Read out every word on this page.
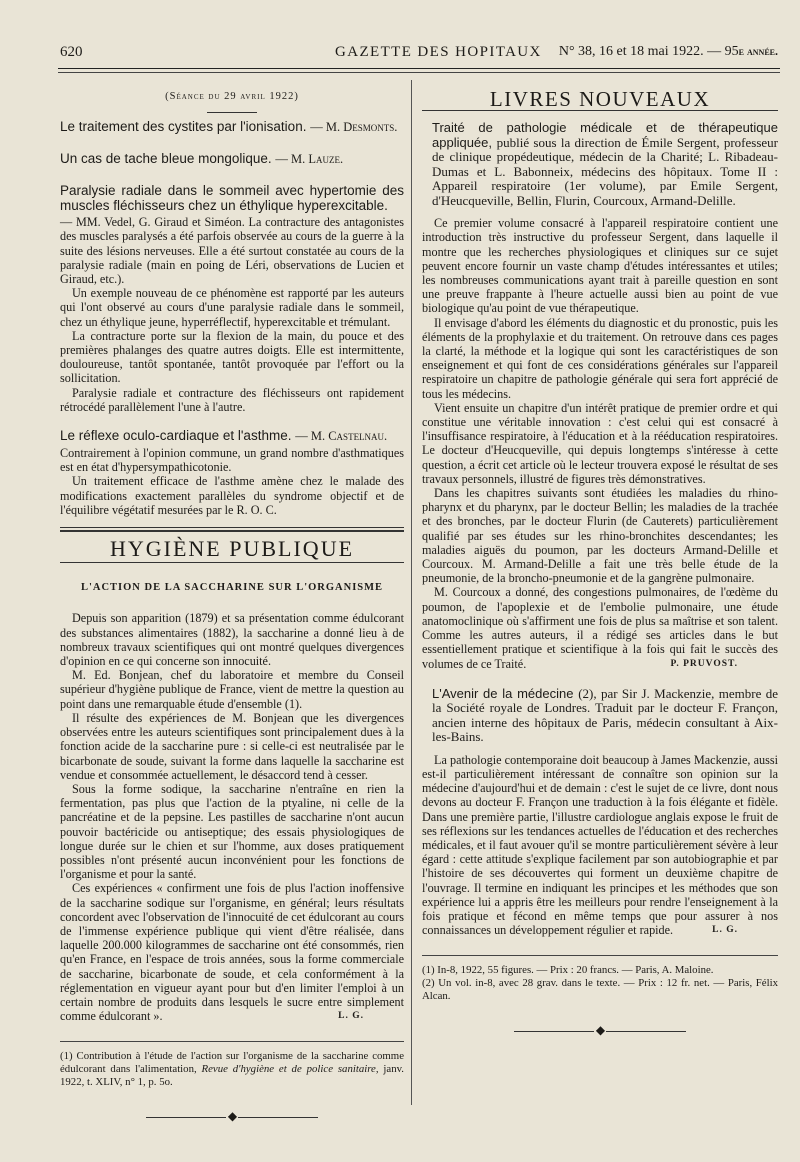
620	GAZETTE DES HOPITAUX N° 38, 16 et 18 mai 1922. — 95e année.
(Séance du 29 avril 1922)
Le traitement des cystites par l'ionisation. — M. Desmonts.
Un cas de tache bleue mongolique. — M. Lauze.
Paralysie radiale dans le sommeil avec hypertomie des muscles fléchisseurs chez un éthylique hyperexcitable.

— MM. Vedel, G. Giraud et Siméon. La contracture des antagonistes des muscles paralysés a été parfois observée au cours de la guerre à la suite des lésions nerveuses. Elle a été surtout constatée au cours de la paralysie radiale (main en poing de Léri, observations de Lucien et Giraud, etc.).

Un exemple nouveau de ce phénomène est rapporté par les auteurs qui l'ont observé au cours d'une paralysie radiale dans le sommeil, chez un éthylique jeune, hyperréflectif, hyperexcitable et trémulant.

La contracture porte sur la flexion de la main, du pouce et des premières phalanges des quatre autres doigts. Elle est intermittente, douloureuse, tantôt spontanée, tantôt provoquée par l'effort ou la sollicitation.

Paralysie radiale et contracture des fléchisseurs ont rapidement rétrocédé parallèlement l'une à l'autre.

Le réflexe oculo-cardiaque et l'asthme. — M. Castelnau.

Contrairement à l'opinion commune, un grand nombre d'asthmatiques est en état d'hypersympathicotonie.

Un traitement efficace de l'asthme amène chez le malade des modifications exactement parallèles du syndrome objectif et de l'équilibre végétatif mesurées par le R. O. C.

HYGIÈNE PUBLIQUE
L'ACTION DE LA SACCHARINE SUR L'ORGANISME

Depuis son apparition (1879) et sa présentation comme édulcorant des substances alimentaires (1882), la saccharine a donné lieu à de nombreux travaux scientifiques qui ont montré quelques divergences d'opinion en ce qui concerne son innocuité.

M. Ed. Bonjean, chef du laboratoire et membre du Conseil supérieur d'hygiène publique de France, vient de mettre la question au point dans une remarquable étude d'ensemble (1).

Il résulte des expériences de M. Bonjean que les divergences observées entre les auteurs scientifiques sont principalement dues à la fonction acide de la saccharine pure : si celle-ci est neutralisée par le bicarbonate de soude, suivant la forme dans laquelle la saccharine est vendue et consommée actuellement, le désaccord tend à cesser.

Sous la forme sodique, la saccharine n'entraîne en rien la fermentation, pas plus que l'action de la ptyaline, ni celle de la pancréatine et de la pepsine. Les pastilles de saccharine n'ont aucun pouvoir bactéricide ou antiseptique; des essais physiologiques de longue durée sur le chien et sur l'homme, aux doses pratiquement possibles n'ont présenté aucun inconvénient pour les fonctions de l'organisme et pour la santé.

Ces expériences « confirment une fois de plus l'action inoffensive de la saccharine sodique sur l'organisme, en général; leurs résultats concordent avec l'observation de l'innocuité de cet édulcorant au cours de l'immense expérience publique qui vient d'être réalisée, dans laquelle 200.000 kilogrammes de saccharine ont été consommés, rien qu'en France, en l'espace de trois années, sous la forme commerciale de saccharine, bicarbonate de soude, et cela conformément à la réglementation en vigueur ayant pour but d'en limiter l'emploi à un certain nombre de produits dans lesquels le sucre entre simplement comme édulcorant ».	L. G.

(1) Contribution à l'étude de l'action sur l'organisme de la saccharine comme édulcorant dans l'alimentation, Revue d'hygiène et de police sanitaire, janv. 1922, t. XLIV, n° 1, p. 5o.

◆
LIVRES NOUVEAUX
Traité de pathologie médicale et de thérapeutique appliquée, publié sous la direction de Émile Sergent, professeur de clinique propédeutique, médecin de la Charité; L. Ribadeau-Dumas et L. Babonneix, médecins des hôpitaux. Tome II : Appareil respiratoire (1er volume), par Emile Sergent, d'Heucqueville, Bellin, Flurin, Courcoux, Armand-Delille.

Ce premier volume consacré à l'appareil respiratoire contient une introduction très instructive du professeur Sergent, dans laquelle il montre que les recherches physiologiques et cliniques sur ce sujet peuvent encore fournir un vaste champ d'études intéressantes et utiles; les nombreuses communications ayant trait à pareille question en sont une preuve frappante à l'heure actuelle aussi bien au point de vue biologique qu'au point de vue thérapeutique.

Il envisage d'abord les éléments du diagnostic et du pronostic, puis les éléments de la prophylaxie et du traitement. On retrouve dans ces pages la clarté, la méthode et la logique qui sont les caractéristiques de son enseignement et qui font de ces considérations générales sur l'appareil respiratoire un chapitre de pathologie générale qui sera fort apprécié de tous les médecins.

Vient ensuite un chapitre d'un intérêt pratique de premier ordre et qui constitue une véritable innovation : c'est celui qui est consacré à l'insuffisance respiratoire, à l'éducation et à la rééducation respiratoires. Le docteur d'Heucqueville, qui depuis longtemps s'intéresse à cette question, a écrit cet article où le lecteur trouvera exposé le résultat de ses travaux personnels, illustré de figures très démonstratives.

Dans les chapitres suivants sont étudiées les maladies du rhino-pharynx et du pharynx, par le docteur Bellin; les maladies de la trachée et des bronches, par le docteur Flurin (de Cauterets) particulièrement qualifié par ses études sur les rhino-bronchites descendantes; les maladies aiguës du poumon, par les docteurs Armand-Delille et Courcoux. M. Armand-Delille a fait une très belle étude de la pneumonie, de la broncho-pneumonie et de la gangrène pulmonaire.

M. Courcoux a donné, des congestions pulmonaires, de l'œdème du poumon, de l'apoplexie et de l'embolie pulmonaire, une étude anatomoclinique où s'affirment une fois de plus sa maîtrise et son talent. Comme les autres auteurs, il a rédigé ses articles dans le but essentiellement pratique et scientifique à la fois qui fait le succès des volumes de ce Traité.	P. PRUVOST.

L'Avenir de la médecine (2), par Sir J. Mackenzie, membre de la Société royale de Londres. Traduit par le docteur F. Françon, ancien interne des hôpitaux de Paris, médecin consultant à Aix-les-Bains.

La pathologie contemporaine doit beaucoup à James Mackenzie, aussi est-il particulièrement intéressant de connaître son opinion sur la médecine d'aujourd'hui et de demain : c'est le sujet de ce livre, dont nous devons au docteur F. Françon une traduction à la fois élégante et fidèle. Dans une première partie, l'illustre cardiologue anglais expose le fruit de ses réflexions sur les tendances actuelles de l'éducation et des recherches médicales, et il faut avouer qu'il se montre particulièrement sévère à leur égard : cette attitude s'explique facilement par son autobiographie et par l'histoire de ses découvertes qui forment un deuxième chapitre de l'ouvrage. Il termine en indiquant les principes et les méthodes que son expérience lui a appris être les meilleurs pour rendre l'enseignement à la fois pratique et fécond en même temps que pour assurer à nos connaissances un développement régulier et rapide.	L. G.

(1) In-8, 1922, 55 figures. — Prix : 20 francs. — Paris, A. Maloine.

(2) Un vol. in-8, avec 28 grav. dans le texte. — Prix : 12 fr. net. — Paris, Félix Alcan.

◆
